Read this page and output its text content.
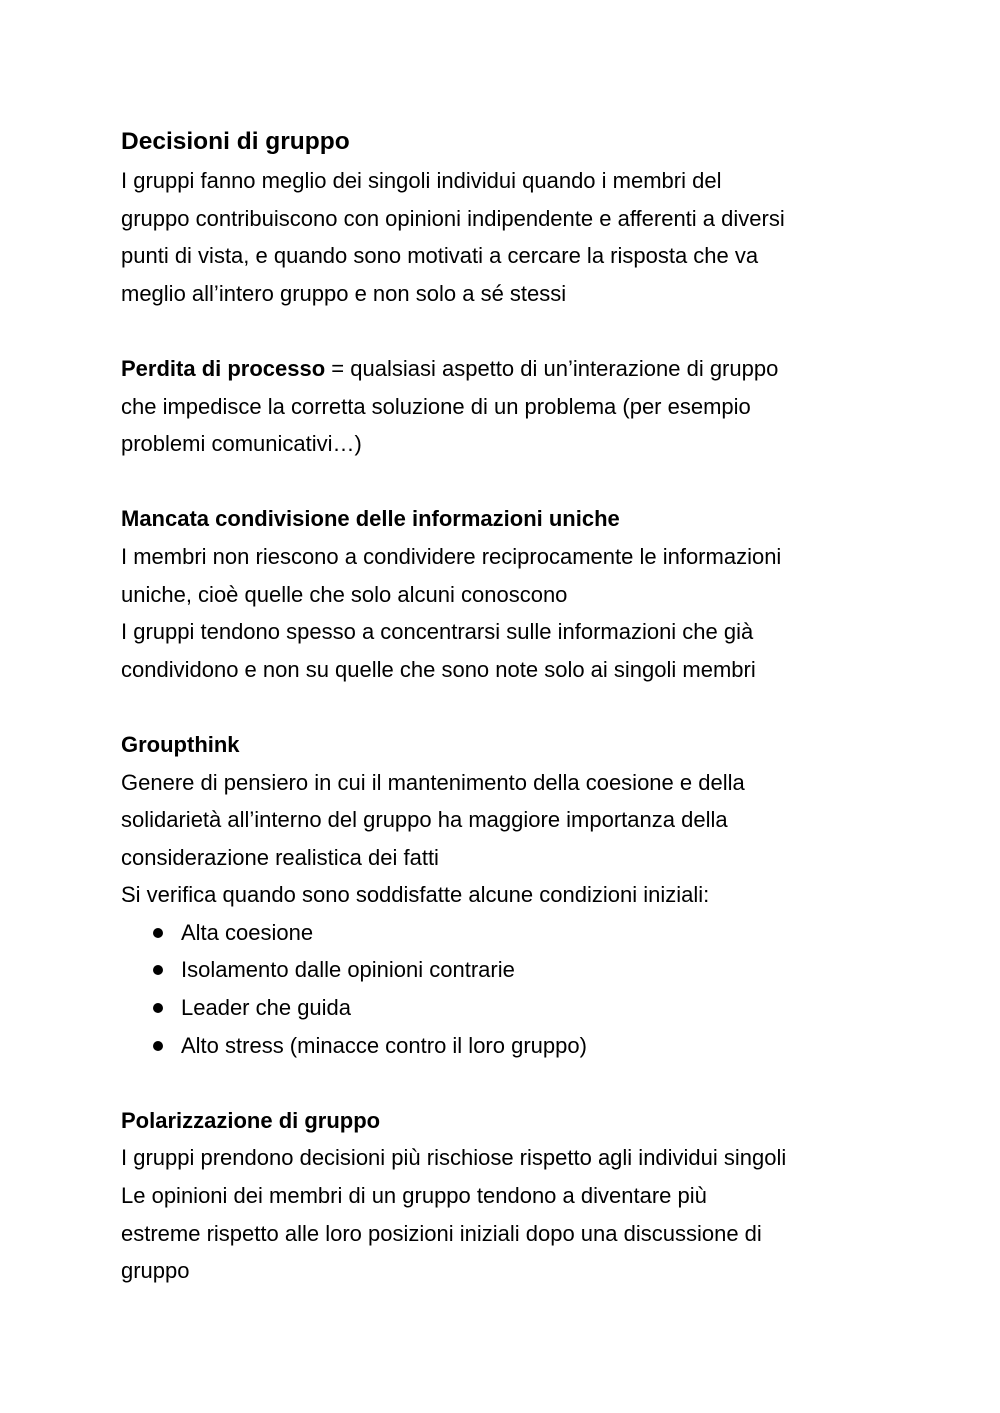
Decisioni di gruppo

I gruppi fanno meglio dei singoli individui quando i membri del

gruppo contribuiscono con opinioni indipendente e afferenti a diversi

punti di vista, e quando sono motivati a cercare la risposta che va

meglio all’intero gruppo e non solo a sé stessi

Perdita di processo = qualsiasi aspetto di un’interazione di gruppo

che impedisce la corretta soluzione di un problema (per esempio

problemi comunicativi…)

Mancata condivisione delle informazioni uniche

I membri non riescono a condividere reciprocamente le informazioni

uniche, cioè quelle che solo alcuni conoscono

I gruppi tendono spesso a concentrarsi sulle informazioni che già

condividono e non su quelle che sono note solo ai singoli membri

Groupthink

Genere di pensiero in cui il mantenimento della coesione e della

solidarietà all’interno del gruppo ha maggiore importanza della

considerazione realistica dei fatti

Si verifica quando sono soddisfatte alcune condizioni iniziali:

Alta coesione
Isolamento dalle opinioni contrarie
Leader che guida
Alto stress (minacce contro il loro gruppo)

Polarizzazione di gruppo

I gruppi prendono decisioni più rischiose rispetto agli individui singoli

Le opinioni dei membri di un gruppo tendono a diventare più

estreme rispetto alle loro posizioni iniziali dopo una discussione di

gruppo
